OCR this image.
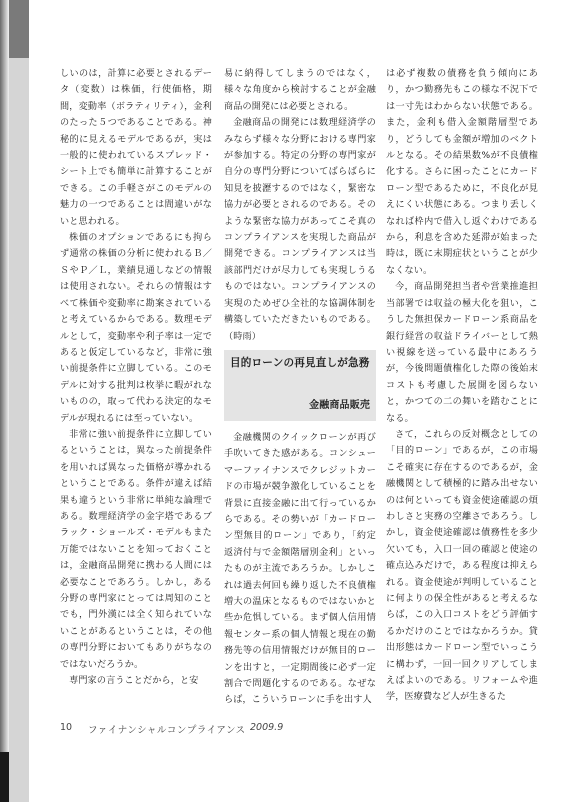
しいのは，計算に必要とされるデータ（変数）は株価，行使価格，期間，変動率（ボラティリティ），金利のたった５つであることである。神秘的に見えるモデルであるが，実は一般的に使われているスプレッド・シート上でも簡単に計算することができる。この手軽さがこのモデルの魅力の一つであることは間違いがないと思われる。

株価のオプションであるにも拘らず通常の株価の分析に使われるＢ／ＳやＰ／Ｌ，業績見通しなどの情報は使用されない。それらの情報はすべて株価や変動率に勘案されていると考えているからである。数理モデルとして，変動率や利子率は一定であると仮定しているなど，非常に強い前提条件に立脚している。このモデルに対する批判は枚挙に暇がれないものの，取って代わる決定的なモデルが現れるには至っていない。

非常に強い前提条件に立脚しているということは，異なった前提条件を用いれば異なった価格が導かれるということである。条件が違えば結果も違うという非常に単純な論理である。数理経済学の金字塔であるブラック・ショールズ・モデルもまた万能ではないことを知っておくことは，金融商品開発に携わる人間には必要なことであろう。しかし，ある分野の専門家にとっては周知のことでも，門外漢には全く知られていないことがあるということは，その他の専門分野においてもありがちなのではないだろうか。

専門家の言うことだから，と安

易に納得してしまうのではなく，様々な角度から検討することが金融商品の開発には必要とされる。

金融商品の開発には数理経済学のみならず様々な分野における専門家が参加する。特定の分野の専門家が自分の専門分野についてばらばらに知見を披瀝するのではなく，緊密な協力が必要とされるのである。そのような緊密な協力があってこそ真のコンプライアンスを実現した商品が開発できる。コンプライアンスは当該部門だけが尽力しても実現しうるものではない。コンプライアンスの実現のためぜひ全社的な協調体制を構築していただきたいものである。（時雨）

目的ローンの再見直しが急務
金融商品販売

金融機関のクイックローンが再び手吹いてきた感がある。コンシューマーファイナンスでクレジットカードの市場が競争激化していることを背景に直接金融に出て行っているからである。その勢いが「カードローン型無目的ローン」であり，「約定返済付与で金額階層別金利」といったものが主流であろうか。しかしこれは過去何回も繰り返した不良債権増大の温床となるものではないかと些か危惧している。まず個人信用情報センター系の個人情報と現在の勤務先等の信用情報だけが無目的ローンを出すと，一定期間後に必ず一定割合で問題化するのである。なぜならば，こういうローンに手を出す人

は必ず複数の債務を負う傾向にあり，かつ勤務先もこの様な不況下では一寸先はわからない状態である。また，金利も借入金額階層型であり，どうしても金額が増加のベクトルとなる。その結果数%が不良債権化する。さらに困ったことにカードローン型であるために，不良化が見えにくい状態にある。つまり丢しくなれば枠内で借入し返ぐわけであるから，利息を含めた延滞が始まった時は，既に末期症状ということが少なくない。

今，商品開発担当者や営業推進担当部署では収益の極大化を狙い，こうした無担保カードローン系商品を銀行経営の収益ドライバーとして熱い視線を送っている最中にあろうが，今後問題債権化した際の後始末コストも考慮した展開を図らないと，かつての二の舞いを踏むことになる。

さて，これらの反対概念としての「目的ローン」であるが，この市場こそ確実に存在するのであるが，金融機関として積極的に踏み出せないのは何といっても資金使途確認の煩わしさと実務の空離さであろう。しかし，資金使途確認は債務性を多少欠いても，入口一回の確認と使途の確点込みだけで，ある程度は抑えられる。資金使途が判明していることに何よりの保全性があると考えるならば，この入口コストをどう評価するかだけのことではなかろうか。貸出形態はカードローン型でいっこうに構わず，一回一回クリアしてしまえばよいのである。リフォームや進学，医療費など人が生きるた

10 ファイナンシャルコンプライアンス 2009.9
